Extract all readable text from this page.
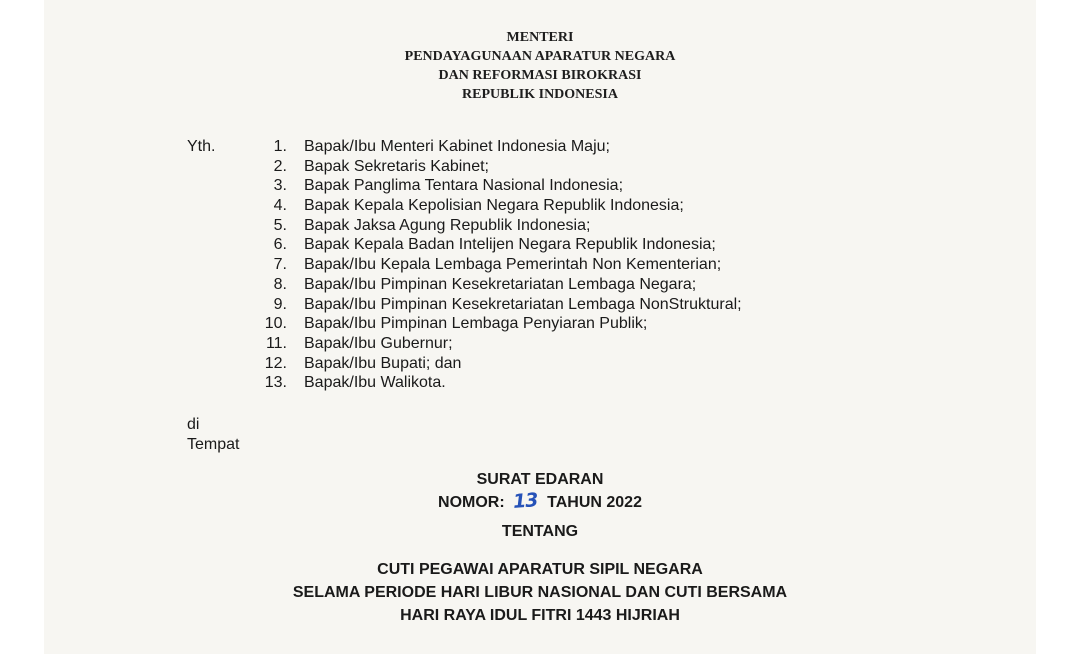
MENTERI
PENDAYAGUNAAN APARATUR NEGARA
DAN REFORMASI BIROKRASI
REPUBLIK INDONESIA
Yth.	1. Bapak/Ibu Menteri Kabinet Indonesia Maju;
2. Bapak Sekretaris Kabinet;
3. Bapak Panglima Tentara Nasional Indonesia;
4. Bapak Kepala Kepolisian Negara Republik Indonesia;
5. Bapak Jaksa Agung Republik Indonesia;
6. Bapak Kepala Badan Intelijen Negara Republik Indonesia;
7. Bapak/Ibu Kepala Lembaga Pemerintah Non Kementerian;
8. Bapak/Ibu Pimpinan Kesekretariatan Lembaga Negara;
9. Bapak/Ibu Pimpinan Kesekretariatan Lembaga NonStruktural;
10. Bapak/Ibu Pimpinan Lembaga Penyiaran Publik;
11. Bapak/Ibu Gubernur;
12. Bapak/Ibu Bupati; dan
13. Bapak/Ibu Walikota.
di
Tempat
SURAT EDARAN
NOMOR: 13 TAHUN 2022
TENTANG
CUTI PEGAWAI APARATUR SIPIL NEGARA
SELAMA PERIODE HARI LIBUR NASIONAL DAN CUTI BERSAMA
HARI RAYA IDUL FITRI 1443 HIJRIAH
